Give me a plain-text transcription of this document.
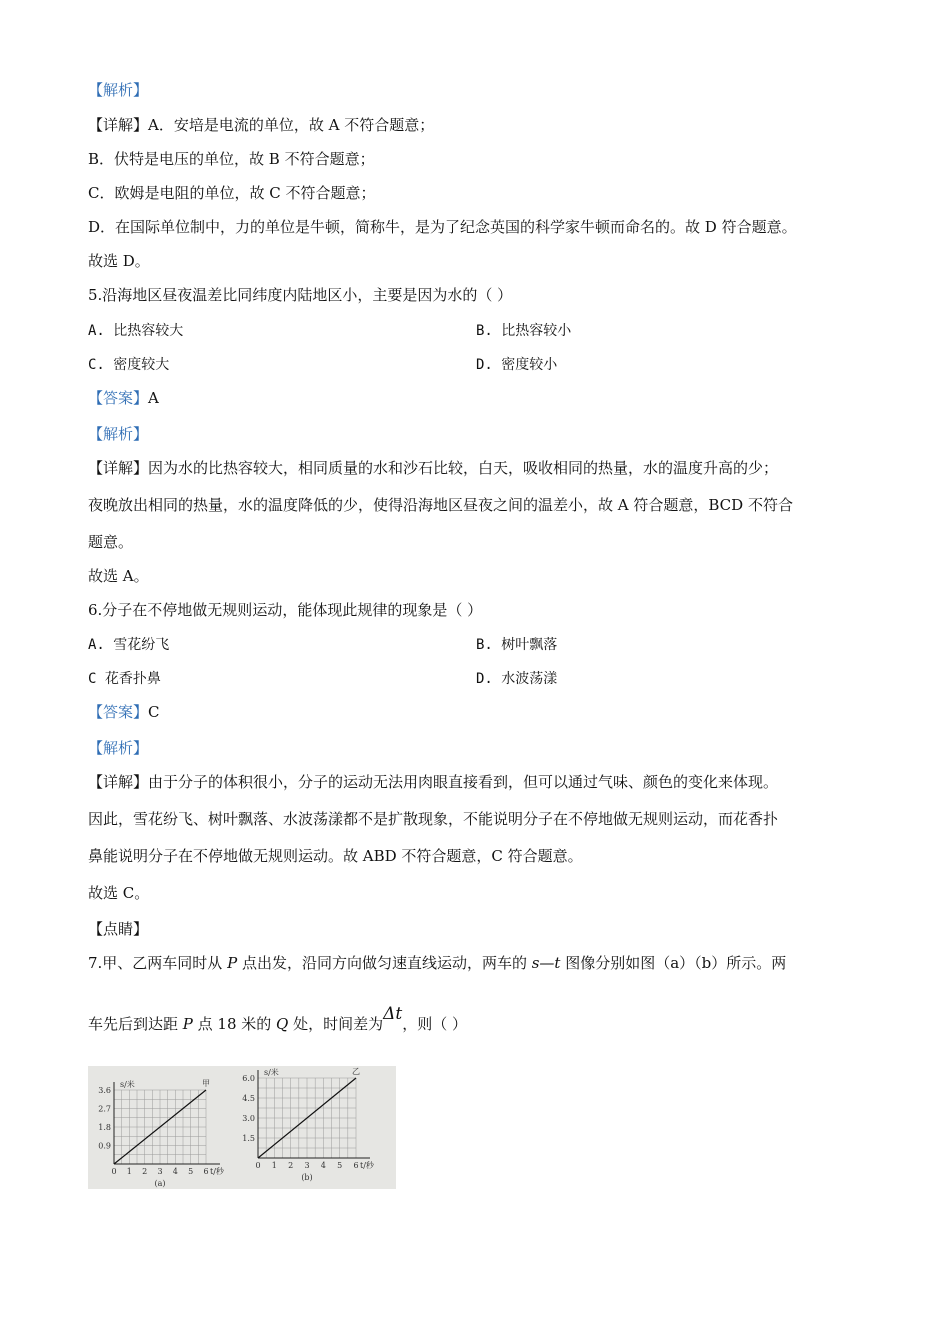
【解析】
【详解】A．安培是电流的单位，故 A 不符合题意；
B．伏特是电压的单位，故 B 不符合题意；
C．欧姆是电阻的单位，故 C 不符合题意；
D．在国际单位制中，力的单位是牛顿，简称牛，是为了纪念英国的科学家牛顿而命名的。故 D 符合题意。
故选 D。
5.沿海地区昼夜温差比同纬度内陆地区小，主要是因为水的（ ）
A. 比热容较大	B. 比热容较小
C. 密度较大	D. 密度较小
【答案】A
【解析】
【详解】因为水的比热容较大，相同质量的水和沙石比较，白天，吸收相同的热量，水的温度升高的少；
夜晚放出相同的热量，水的温度降低的少，使得沿海地区昼夜之间的温差小，故 A 符合题意，BCD 不符合
题意。
故选 A。
6.分子在不停地做无规则运动，能体现此规律的现象是（ ）
A. 雪花纷飞	B. 树叶飘落
C 花香扑鼻	D. 水波荡漾
【答案】C
【解析】
【详解】由于分子的体积很小，分子的运动无法用肉眼直接看到，但可以通过气味、颜色的变化来体现。
因此，雪花纷飞、树叶飘落、水波荡漾都不是扩散现象，不能说明分子在不停地做无规则运动，而花香扑
鼻能说明分子在不停地做无规则运动。故 ABD 不符合题意，C 符合题意。
故选 C。
【点睛】
7.甲、乙两车同时从 P 点出发，沿同方向做匀速直线运动，两车的 s—t 图像分别如图（a）（b）所示。两
车先后到达距 P 点 18 米的 Q 处，时间差为Δt，则（ ）
0.9
1.8
2.7
3.6
0 1 2 3 4 5 6
s/米
t/秒
(a)
甲
1.5
3.0
4.5
6.0
0 1 2 3 4 5 6
s/米
t/秒
(b)
乙
